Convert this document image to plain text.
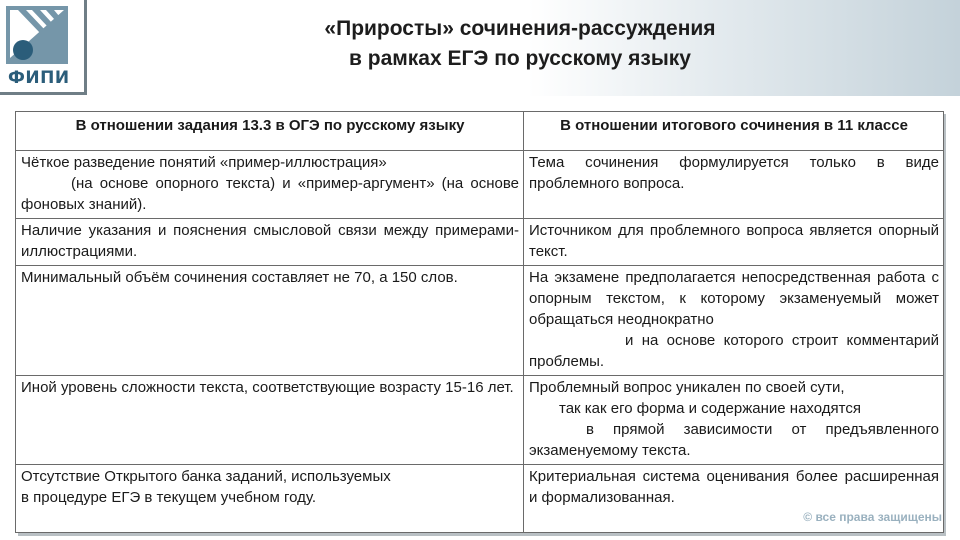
ФИПИ
«Приросты» сочинения-рассуждения
в рамках ЕГЭ по русскому языку
В отношении задания 13.3 в ОГЭ по русскому языку	В отношении итогового сочинения в 11 классе

Чёткое разведение понятий «пример-иллюстрация»
(на основе опорного текста) и «пример-аргумент» (на основе фоновых знаний).	Тема сочинения формулируется только в виде проблемного вопроса.

Наличие указания и пояснения смысловой связи между примерами-иллюстрациями.	Источником для проблемного вопроса является опорный текст.

Минимальный объём сочинения составляет не 70, а 150 слов.	На экзамене предполагается непосредственная работа с опорным текстом, к которому экзаменуемый может обращаться неоднократно
и на основе которого строит комментарий проблемы.

Иной уровень сложности текста, соответствующие возрасту 15-16 лет.	Проблемный вопрос уникален по своей сути,
так как его форма и содержание находятся
в прямой зависимости от предъявленного экзаменуемому текста.

Отсутствие Открытого банка заданий, используемых
в процедуре ЕГЭ в текущем учебном году.	Критериальная система оценивания более расширенная и формализованная.
© все права защищены
